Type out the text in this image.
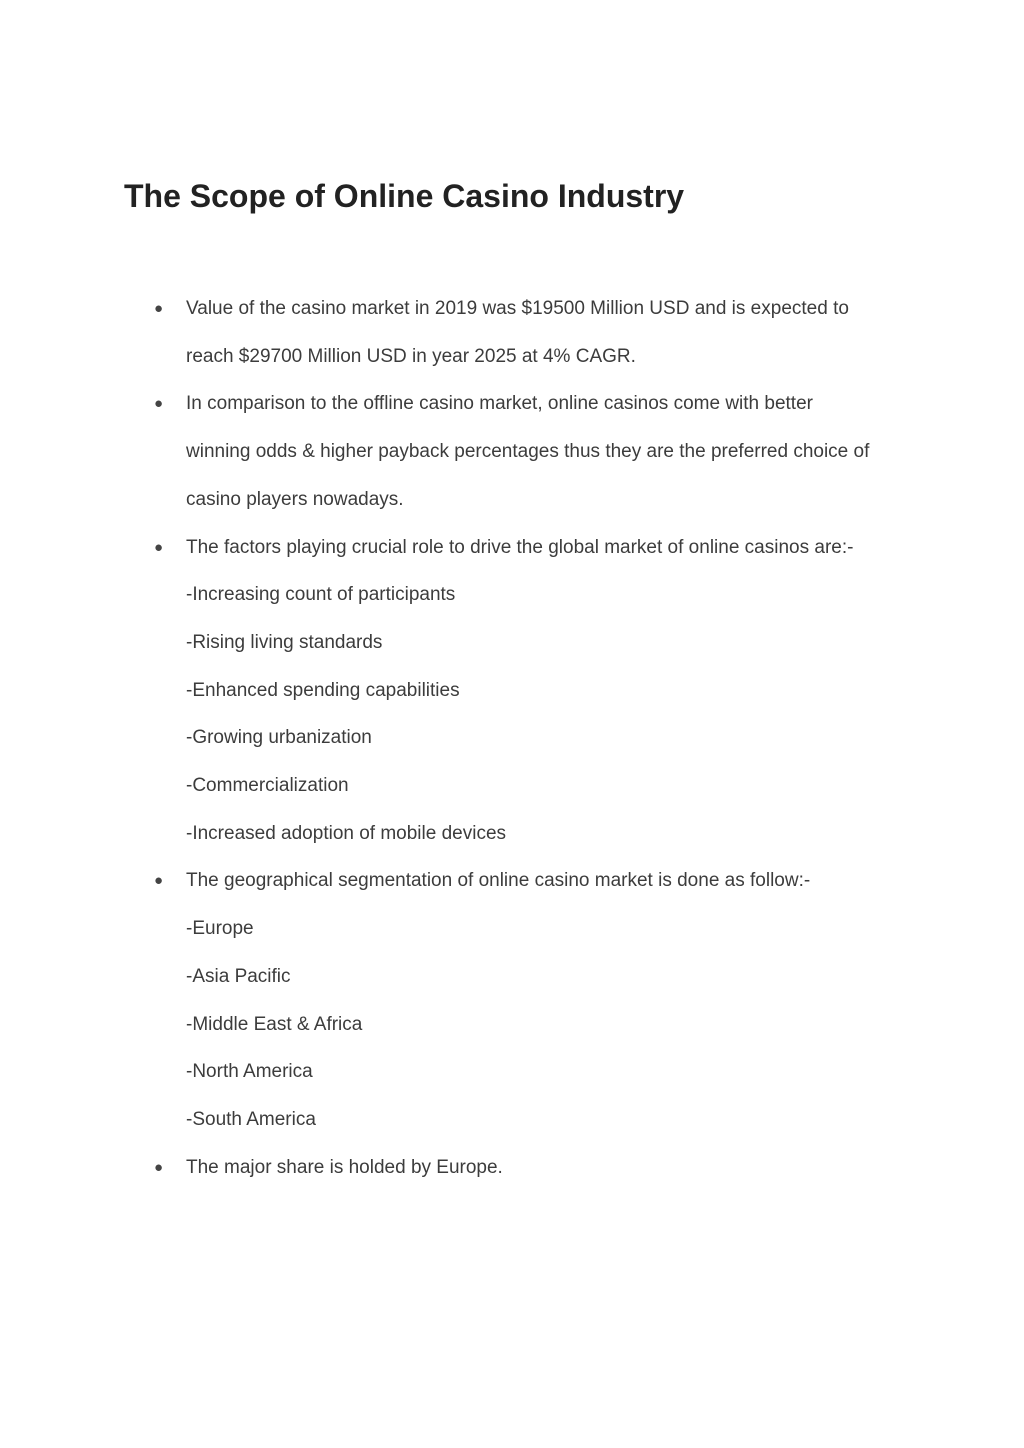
The Scope of Online Casino Industry
● Value of the casino market in 2019 was $19500 Million USD and is expected to
reach $29700 Million USD in year 2025 at 4% CAGR.
● In comparison to the offline casino market, online casinos come with better
winning odds & higher payback percentages thus they are the preferred choice of
casino players nowadays.
● The factors playing crucial role to drive the global market of online casinos are:-
-Increasing count of participants
-Rising living standards
-Enhanced spending capabilities
-Growing urbanization
-Commercialization
-Increased adoption of mobile devices
● The geographical segmentation of online casino market is done as follow:-
-Europe
-Asia Pacific
-Middle East & Africa
-North America
-South America
● The major share is holded by Europe.
